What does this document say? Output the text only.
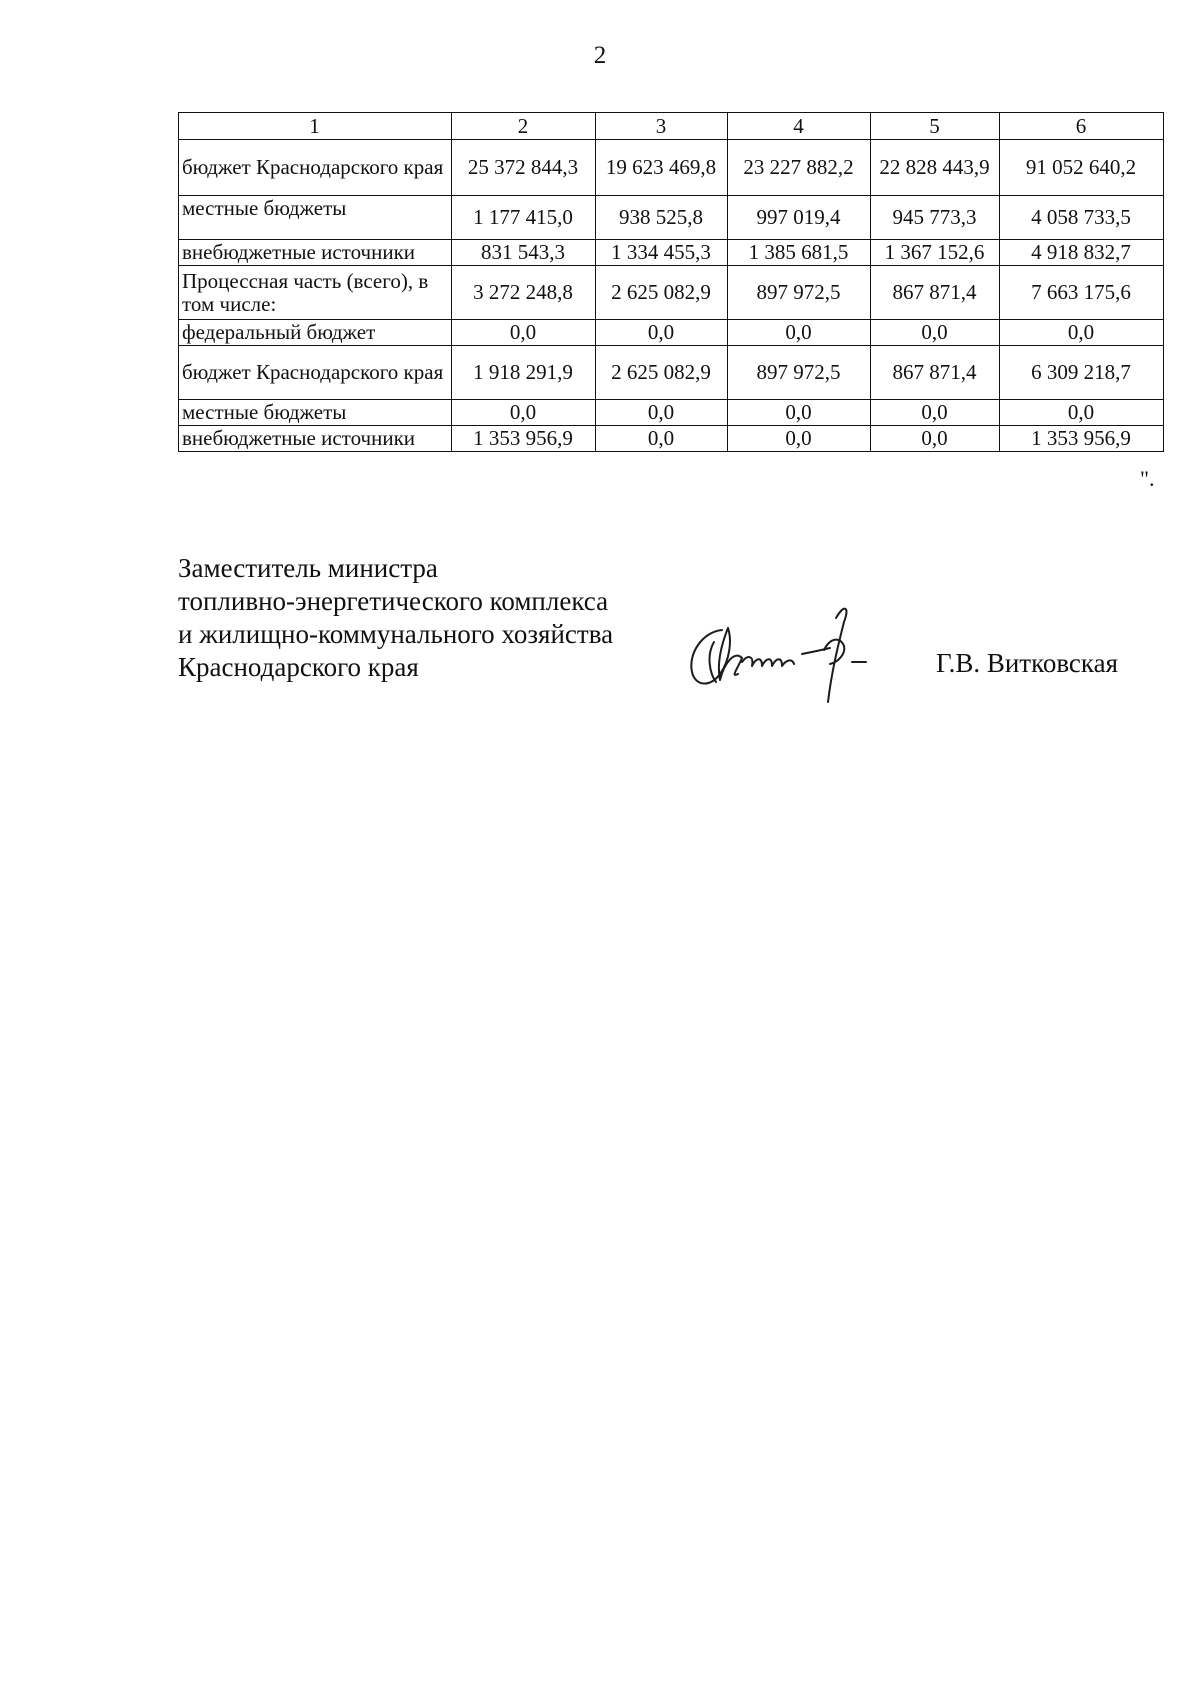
2
1	2	3	4	5	6
бюджет Краснодарского края	25 372 844,3	19 623 469,8	23 227 882,2	22 828 443,9	91 052 640,2
местные бюджеты	1 177 415,0	938 525,8	997 019,4	945 773,3	4 058 733,5
внебюджетные источники	831 543,3	1 334 455,3	1 385 681,5	1 367 152,6	4 918 832,7
Процессная часть (всего), в том числе:	3 272 248,8	2 625 082,9	897 972,5	867 871,4	7 663 175,6
федеральный бюджет	0,0	0,0	0,0	0,0	0,0
бюджет Краснодарского края	1 918 291,9	2 625 082,9	897 972,5	867 871,4	6 309 218,7
местные бюджеты	0,0	0,0	0,0	0,0	0,0
внебюджетные источники	1 353 956,9	0,0	0,0	0,0	1 353 956,9
".
Заместитель министра
топливно-энергетического комплекса
и жилищно-коммунального хозяйства
Краснодарского края	Г.В. Витковская
